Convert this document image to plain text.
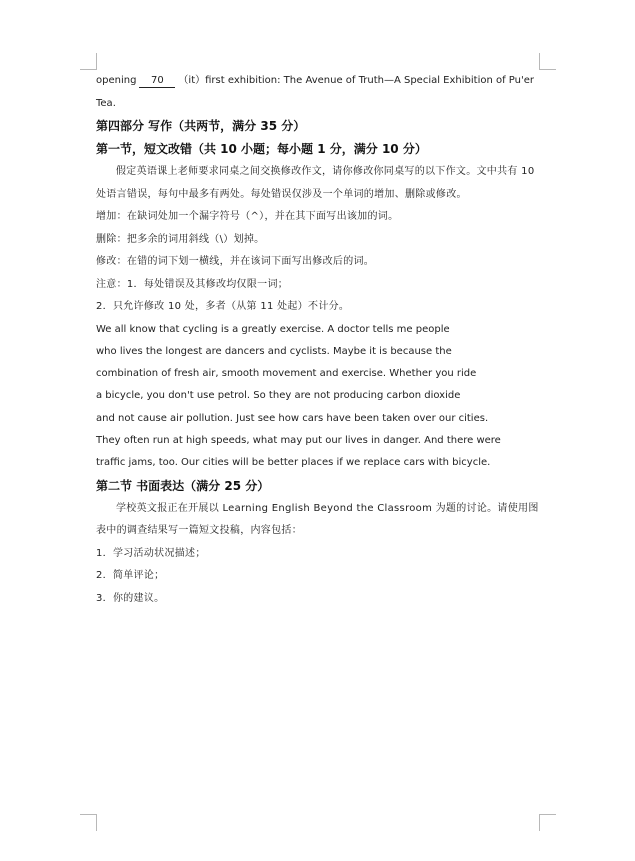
opening 70 （it）first exhibition: The Avenue of Truth—A Special Exhibition of Pu'er
Tea.
第四部分 写作（共两节，满分 35 分）
第一节，短文改错（共 10 小题；每小题 1 分，满分 10 分）
假定英语课上老师要求同桌之间交换修改作文，请你修改你同桌写的以下作文。文中共有 10 处语言错误，每句中最多有两处。每处错误仅涉及一个单词的增加、删除或修改。
增加：在缺词处加一个漏字符号（^），并在其下面写出该加的词。
删除：把多余的词用斜线（\）划掉。
修改：在错的词下划一横线，并在该词下面写出修改后的词。
注意：1．每处错误及其修改均仅限一词；
2．只允许修改 10 处，多者（从第 11 处起）不计分。
We all know that cycling is a greatly exercise. A doctor tells me people
who lives the longest are dancers and cyclists. Maybe it is because the
combination of fresh air, smooth movement and exercise. Whether you ride
a bicycle, you don't use petrol. So they are not producing carbon dioxide
and not cause air pollution. Just see how cars have been taken over our cities.
They often run at high speeds, what may put our lives in danger. And there were
traffic jams, too. Our cities will be better places if we replace cars with bicycle.
第二节 书面表达（满分 25 分）
学校英文报正在开展以 Learning English Beyond the Classroom 为题的讨论。请使用图表中的调查结果写一篇短文投稿，内容包括：
1．学习活动状况描述；
2．简单评论；
3．你的建议。
